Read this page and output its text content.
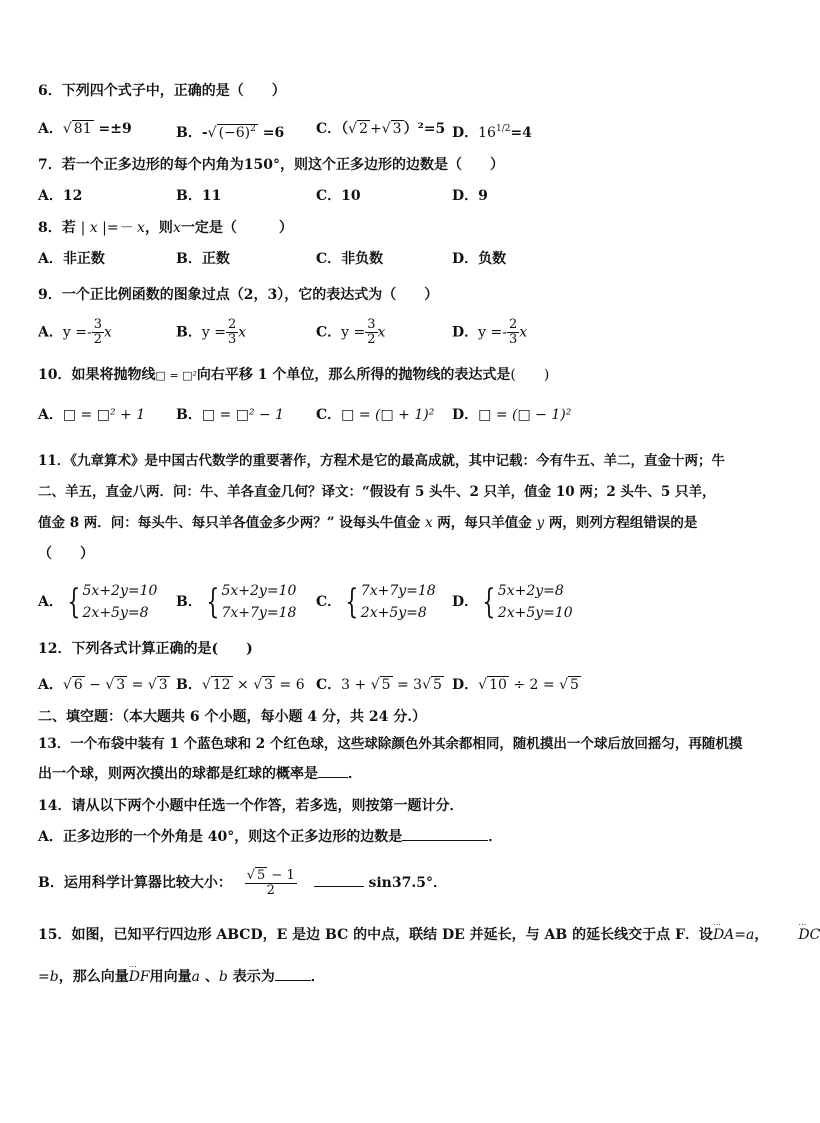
6．下列四个式子中，正确的是（　　）
A．√ 81 =±9	B．-√ $(-6)^2 =6$ C．（√ 2 +√ 3 ）²=5 D．$16^{1/2}=4$
7．若一个正多边形的每个内角为150°，则这个正多边形的边数是（　　）
A．12	B．11	C．10	D．9
8．若 | x |=－ x，则x一定是（　　　）
A．非正数	B．正数	C．非负数	D．负数
9．一个正比例函数的图象过点（2，3），它的表达式为（　　）
A．$y =- \frac{3}{2}$ x	B．$y = \frac{2}{3}$ x	C．$y = \frac{3}{2}$ x	D．$y =- \frac{2}{3}$ x
10．如果将抛物线□ = □²向右平移 1 个单位，那么所得的抛物线的表达式是(　　)
A．□ = □² + 1 B．□ = □² − 1 C．□ = (□ + 1)² D．□ = (□ − 1)²
11．《九章算术》是中国古代数学的重要著作，方程术是它的最高成就，其中记载：今有牛五、羊二，直金十两；牛
二、羊五，直金八两．问：牛、羊各直金几何？译文：“假设有 5 头牛、2 只羊，值金 10 两；2 头牛、5 只羊，
值金 8 两．问：每头牛、每只羊各值金多少两？” 设每头牛值金 x 两，每只羊值金 y 两，则列方程组错误的是
（　　）
A． { 5x+2y=10
2x+5y=8
B． { 5x+2y=10
7x+7y=18
C． { 7x+7y=18
2x+5y=8
D． { 5x+2y=8
2x+5y=10
12．下列各式计算正确的是(　　)
A．√ 6 − √ 3 = √ 3 B．√ 12 × √ 3 = 6 C．3 + √ 5 = 3√ 5 D．√ 10 ÷ 2 = √ 5
二、填空题：（本大题共 6 个小题，每小题 4 分，共 24 分.）
13．一个布袋中装有 1 个蓝色球和 2 个红色球，这些球除颜色外其余都相同，随机摸出一个球后放回摇匀，再随机摸
出一个球，则两次摸出的球都是红球的概率是 ．
14．请从以下两个小题中任选一个作答，若多选，则按第一题计分．
A．正多边形的一个外角是 40°，则这个正多边形的边数是	．
B．运用科学计算器比较大小： $\frac{√ 5 - 1}{2}$	sin37.5°．
15．如图，已知平行四边形 ABCD，E 是边 BC 的中点，联结 DE 并延长，与 AB 的延长线交于点 F．设⋯ DA=a，⋯ DC
=b，那么向量⋯ DF用向量a 、b 表示为	．
